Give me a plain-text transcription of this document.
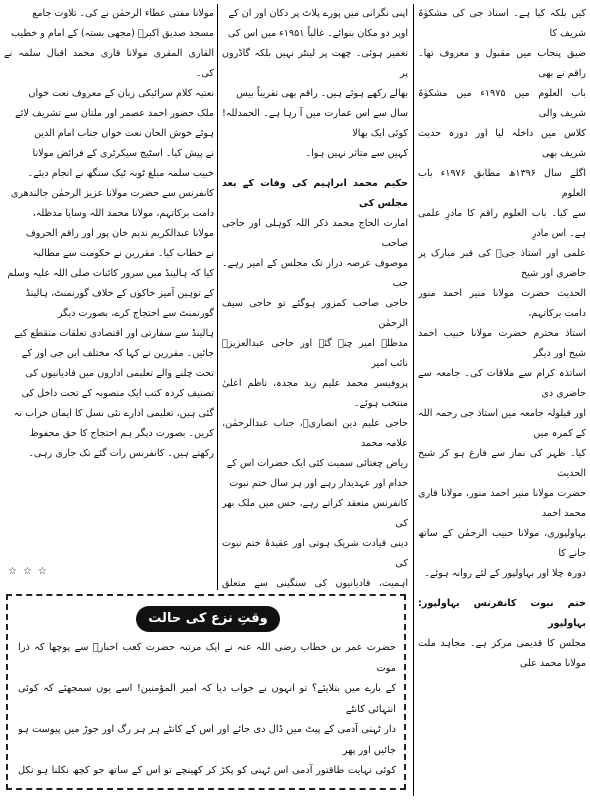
کیں بلکہ کیا ہے۔ استاذ جی کی مشکوٰۃ شریف کا

ضیق پنجاب میں مقبول و معروف تھا۔ راقم نے بھی

باب العلوم میں ۱۹۷۵ء میں مشکوٰۃ شریف والی

کلاس میں داخلہ لیا اور دورہ حدیث شریف بھی

اگلے سال ۱۳۹۶ھ مطابق ۱۹۷۶ء باب العلوم

سے کیا۔ باب العلوم راقم کا مادرِ علمی ہے۔ اس مادرِ

علمی اور استاذ جیؒ کی قبر مبارک پر حاضری اور شیخ

الحدیث حضرت مولانا منیر احمد منور دامت برکاتہم،

استاذ محترم حضرت مولانا حبیب احمد شیخ اور دیگر

اساتذہ کرام سے ملاقات کی۔ جامعہ سے حاضری دی

اور قیلولہ جامعہ میں استاذ جی رحمہ اللہ کے کمرہ میں

کیا۔ ظہر کی نماز سے فارغ ہو کر شیخ الحدیث

حضرت مولانا منیر احمد منور، مولانا قاری محمد احمد

بہاولپوری، مولانا حبیب الرحمٰن کے ساتھ جانے کا

دورہ چلا اور بہاولپور کے لئے روانہ ہوئے۔

ختم نبوت کانفرنس بہاولپور: بہاولپور

مجلس کا قدیمی مرکز ہے۔ مجاہد ملت مولانا محمد علی

اپنی نگرانی میں پورے پلاٹ پر دکان اور ان کے

اوپر دو مکان بنوائے۔ غالباً ۱۹۵۱ء میں اس کی

تعمیر ہوئی۔ چھت پر لینٹر نہیں بلکہ گاڈروں پر

بھالے رکھے ہوئے ہیں۔ راقم بھی تقریباً بیس

سال سے اس عمارت میں آ رہا ہے۔ الحمدللہ! کوئی ایک بھالا

کہیں سے متاثر نہیں ہوا۔

حکیم محمد ابراہیم کی وفات کے بعد مجلس کی

امارت الحاج محمد ذکر اللہ کوہلی اور حاجی صاحب

موصوف عرصہ دراز تک مجلس کے امیر رہے۔ جب

حاجی صاحب کمزور ہوگئے تو حاجی سیف الرحمٰن

مدظلہ امیر چنے گئے اور حاجی عبدالعزیزؒ نائب امیر

پروفیسر محمد علیم زید مجدہ، ناظم اعلیٰ منتخب ہوئے۔

حاجی علیم دین انصاریؒ، جناب عبدالرحمٰن، علامہ محمد

ریاض چغتائی سمیت کئی ایک حضرات اس کے

خدام اور عہدیدار رہے اور ہر سال ختم نبوت

کانفرنس منعقد کراتے رہے، جس میں ملک بھر کی

دینی قیادت شریک ہوتی اور عقیدۂ ختم نبوت کی

اہمیت، قادیانیوں کی سنگینی سے متعلق

مولانا مفتی عطاء الرحمٰن نے کی۔ تلاوت جامع

مسجد صدیق اکبرؓ (مجھی بستہ) کے امام و خطیب

القاری المقری مولانا قاری محمد اقبال سلمہ نے کی۔

نعتیہ کلام سرائیکی زبان کے معروف نعت خواں

ملک حضور احمد عصمر اور ملتان سے تشریف لائے

ہوئے خوش الحان نعت خواں جناب امام الدین

نے پیش کیا۔ اسٹیج سیکرٹری کے فرائض مولانا

خبیب سلمہ مبلغ ٹوبہ ٹیک سنگھ نے انجام دیئے۔

کانفرنس سے حضرت مولانا عزیز الرحمٰن جالندھری

دامت برکاتہم، مولانا محمد اللہ وسایا مدظلہ،

مولانا عبدالکریم ندیم خان پور اور راقم الحروف

نے خطاب کیا۔ مقررین نے حکومت سے مطالبہ

کیا کہ ہالینڈ میں سرور کائنات صلی اللہ علیہ وسلم

کے توہین آمیز خاکوں کے خلاف گورنمنٹ، ہالینڈ

گورنمنٹ سے احتجاج کرے، بصورت دیگر

ہالینڈ سے سفارتی اور اقتصادی تعلقات منقطع کیے

جائیں۔ مقررین نے کہا کہ مختلف این جی اوز کے

تحت چلنے والے تعلیمی اداروں میں قادیانیوں کی

تصنیف کردہ کتب ایک منصوبہ کے تحت داخل کی

گئی ہیں، تعلیمی ادارے نئی نسل کا ایمان خراب نہ

کریں۔ بصورت دیگر ہم احتجاج کا حق محفوظ

رکھتے ہیں۔ کانفرنس رات گئے تک جاری رہی۔

☆☆☆
وقتِ نزع کی حالت

حضرت عمر بن خطاب رضی اللہ عنہ نے ایک مرتبہ حضرت کعب احبارؒ سے پوچھا کہ ذرا موت

کے بارے میں بتلایئے؟ تو انہوں نے جواب دیا کہ امیر المؤمنین! اسے یوں سمجھئے کہ کوئی انتہائی کانٹے

دار ٹہنی آدمی کے پیٹ میں ڈال دی جائے اور اس کے کانٹے ہر ہر رگ اور جوڑ میں پیوست ہو جائیں اور پھر

کوئی نہایت طاقتور آدمی اس ٹہنی کو پکڑ کر کھینچے تو اس کے ساتھ جو کچھ نکلنا ہو نکل
